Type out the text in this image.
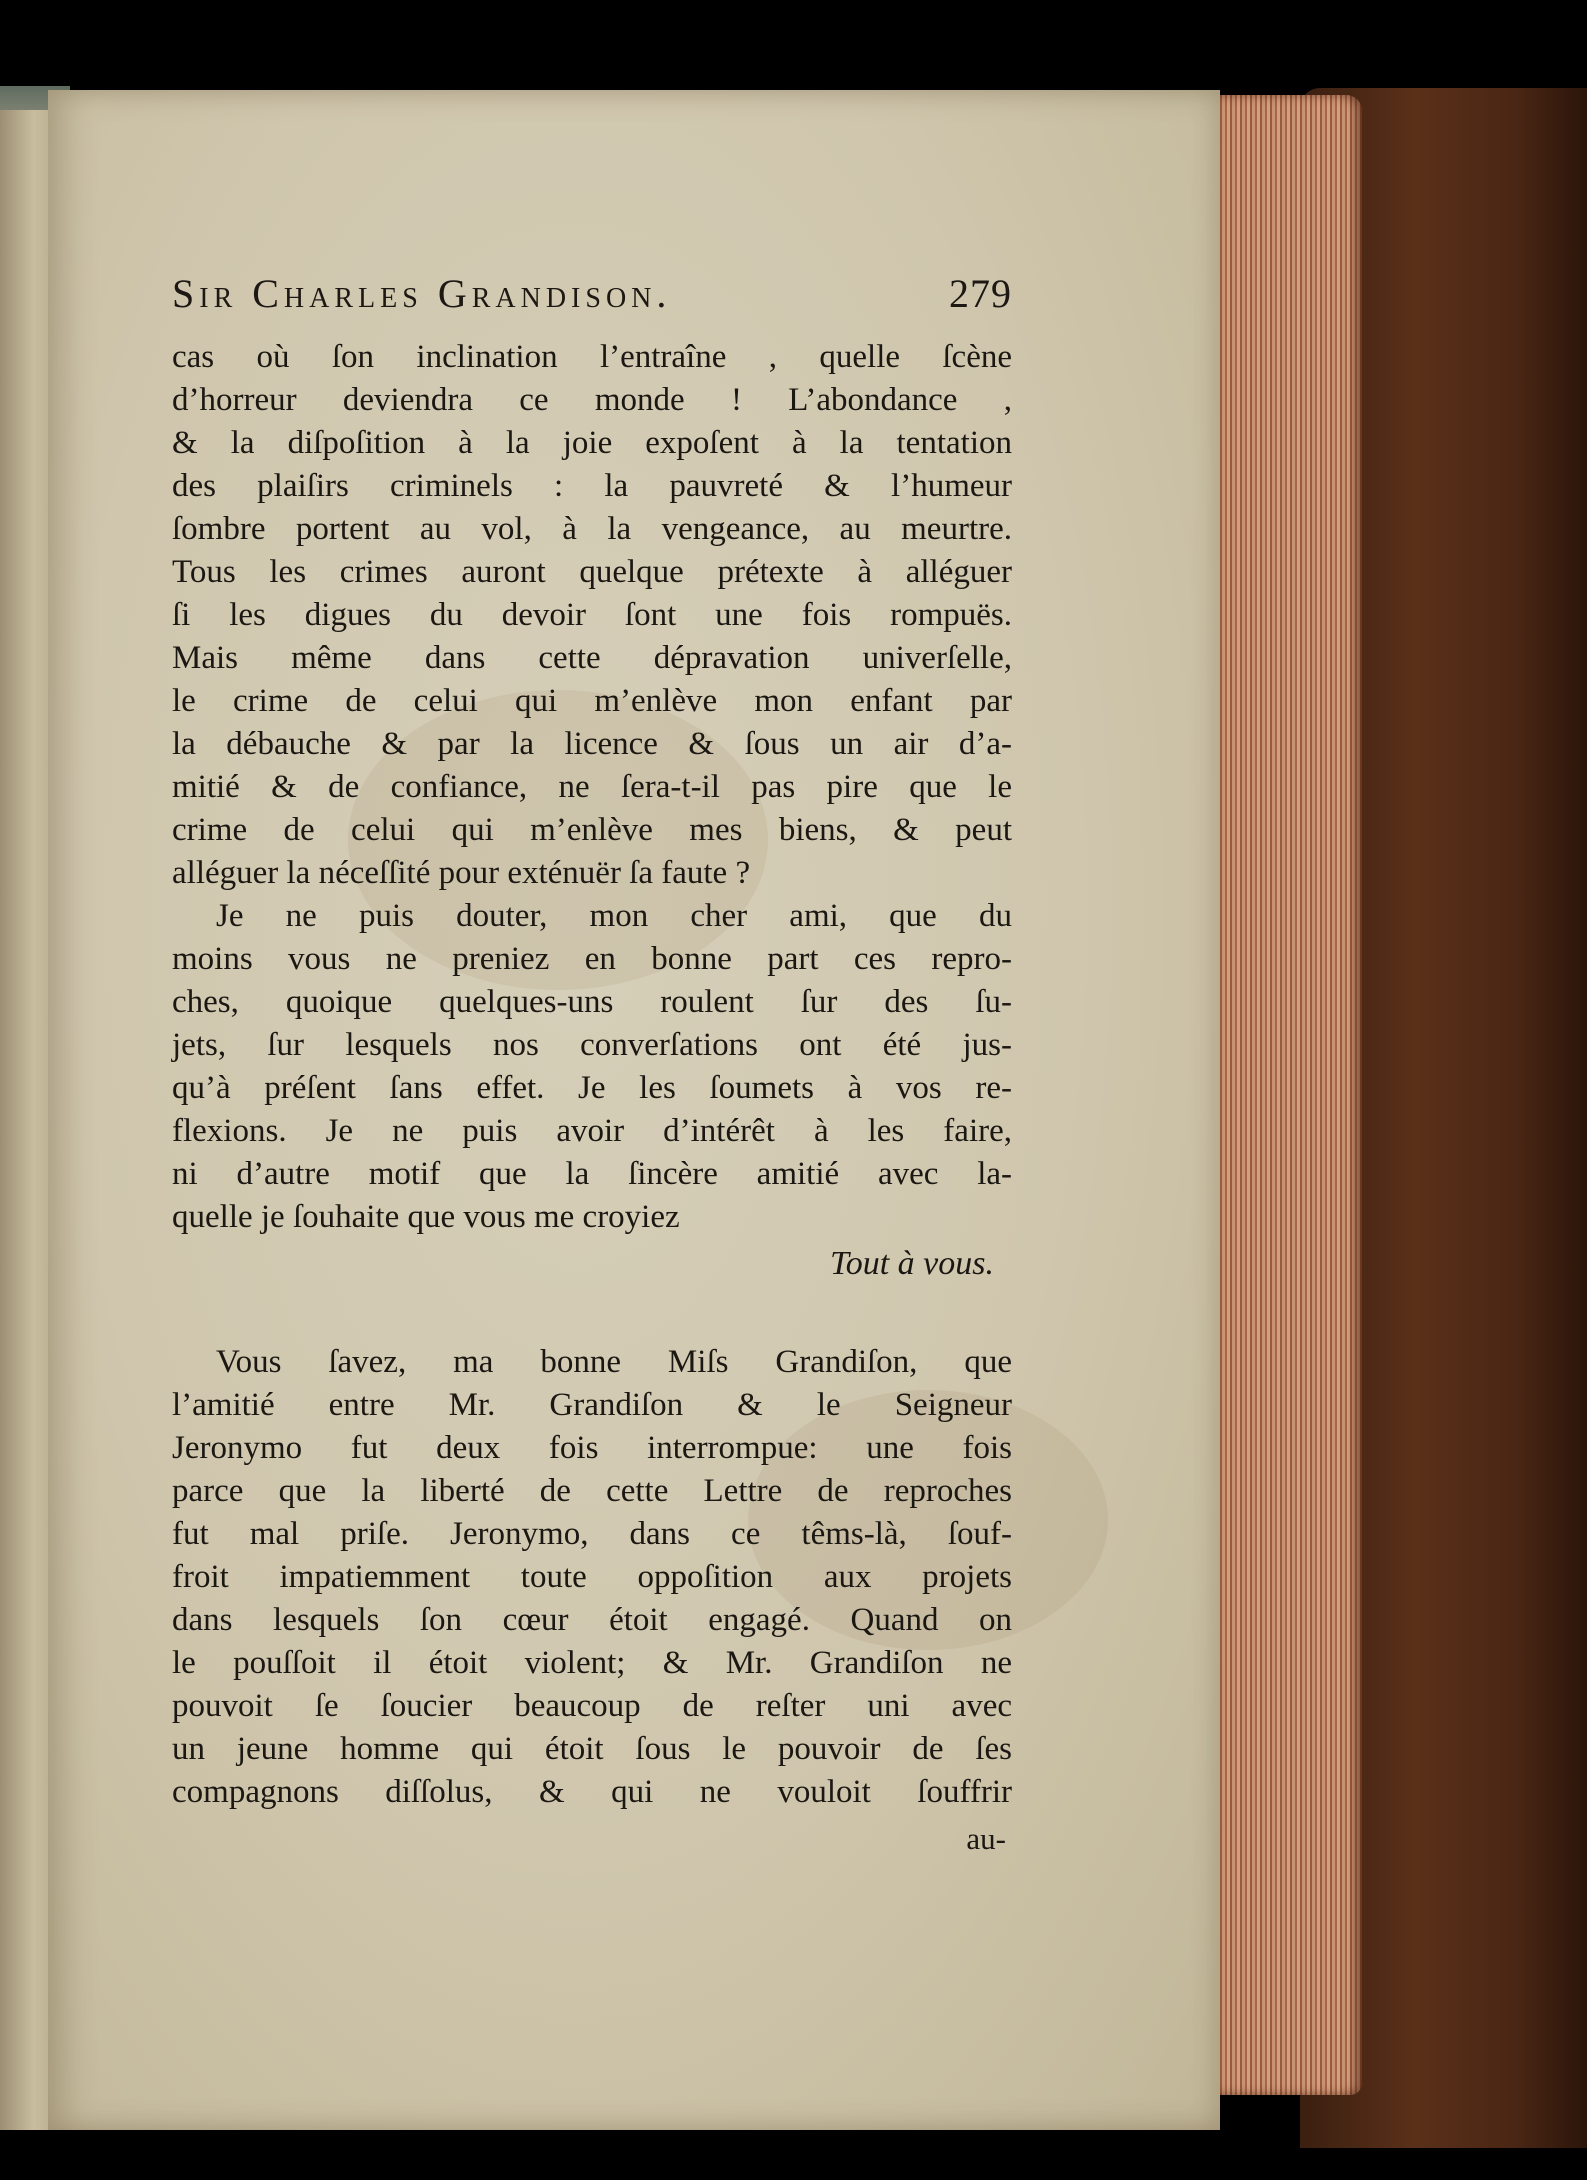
Sir Charles Grandison.	279
cas où ſon inclination l’entraîne , quelle ſcène
d’horreur deviendra ce monde ! L’abondance ,
& la diſpoſition à la joie expoſent à la tentation
des plaiſirs criminels : la pauvreté & l’humeur
ſombre portent au vol, à la vengeance, au meurtre.
Tous les crimes auront quelque prétexte à alléguer
ſi les digues du devoir ſont une fois rompuës.
Mais même dans cette dépravation univerſelle,
le crime de celui qui m’enlève mon enfant par
la débauche & par la licence & ſous un air d’a-
mitié & de confiance, ne ſera-t-il pas pire que le
crime de celui qui m’enlève mes biens, & peut
alléguer la néceſſité pour exténuër ſa faute ?
Je ne puis douter, mon cher ami, que du
moins vous ne preniez en bonne part ces repro-
ches, quoique quelques-uns roulent ſur des ſu-
jets, ſur lesquels nos converſations ont été jus-
qu’à préſent ſans effet. Je les ſoumets à vos re-
flexions. Je ne puis avoir d’intérêt à les faire,
ni d’autre motif que la ſincère amitié avec la-
quelle je ſouhaite que vous me croyiez
Tout à vous.
Vous ſavez, ma bonne Miſs Grandiſon, que
l’amitié entre Mr. Grandiſon & le Seigneur
Jeronymo fut deux fois interrompue: une fois
parce que la liberté de cette Lettre de reproches
fut mal priſe. Jeronymo, dans ce têms-là, ſouf-
froit impatiemment toute oppoſition aux projets
dans lesquels ſon cœur étoit engagé. Quand on
le pouſſoit il étoit violent; & Mr. Grandiſon ne
pouvoit ſe ſoucier beaucoup de reſter uni avec
un jeune homme qui étoit ſous le pouvoir de ſes
compagnons diſſolus, & qui ne vouloit ſouffrir
au-
